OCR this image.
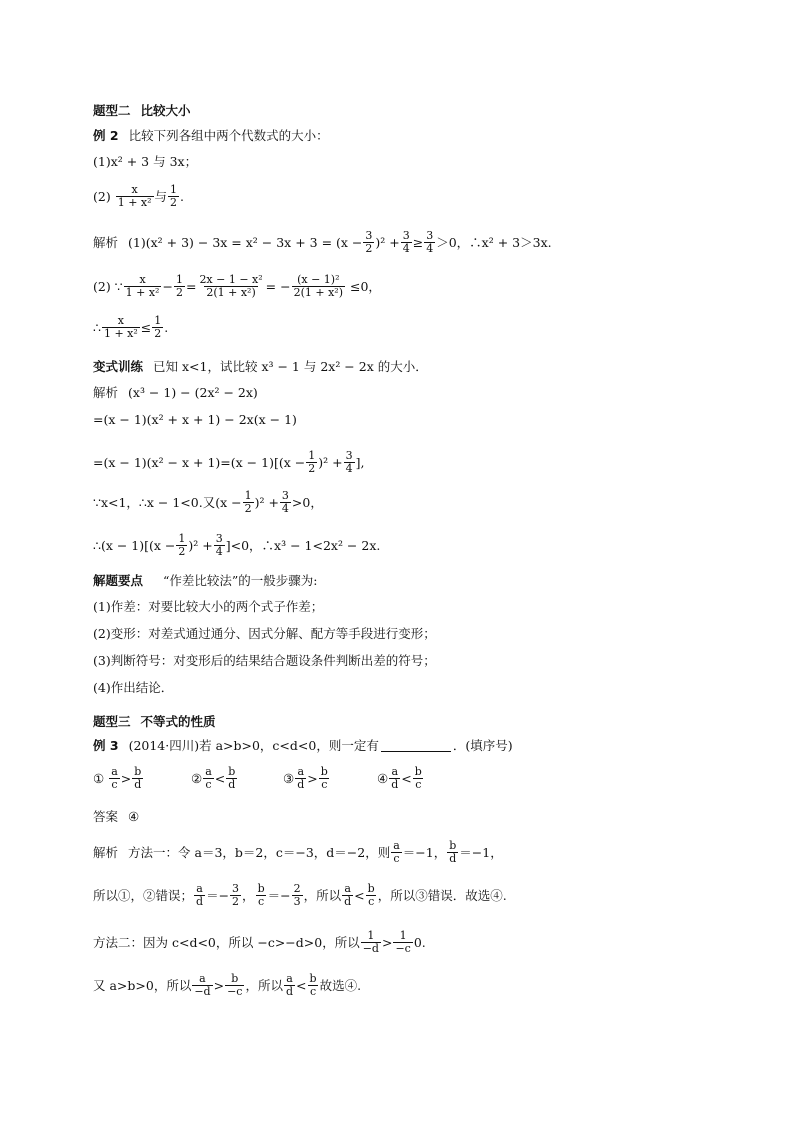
题型二 比较大小
例 2 比较下列各组中两个代数式的大小：
(1)x² + 3 与 3x；
(2)
$\frac{x}{\text{1 + x²}}$ 与 $\frac{1}{2}$ .
解析 $(1)(x^2 + 3) - 3x = x^2 - 3x + 3 = (x - \frac{3}{2} )^2 + \frac{3}{4} \ge \frac{3}{4} >0$，∴x² + 3＞3x.
(2) ∵ $\frac{x}{\text{1 + x²}} - \frac{1}{2} = \frac{\text{2x − 1 − x²}}{\text{2(1 + x²)}}$ = − $\frac{\text{(x − 1)²}}{\text{2(1 + x²)}}$
≤0，
∴ $\frac{x}{\text{1 + x²}} \le \frac{1}{2}$ .
变式训练 已知 x<1，试比较 x³ − 1 与 2x² − 2x 的大小．
解析 (x³ − 1) − (2x² − 2x)
=(x − 1)(x² + x + 1) − 2x(x − 1)
$=(x - 1)(x^2 - x + 1)=(x - 1)[(x - \frac{1}{2} )^2 + \frac{3}{4}$ ],
∵x<1，∴x − 1<0.又$(x - \frac{1}{2} )^2 + \frac{3}{4} >0$，
∴(x − $1)[(x - \frac{1}{2} )^2 + \frac{3}{4} ]<0$，∴x³ − 1<2x² − 2x.
解题要点 “作差比较法”的一般步骤为:
(1)作差：对要比较大小的两个式子作差；
(2)变形：对差式通过通分、因式分解、配方等手段进行变形；
(3)判断符号：对变形后的结果结合题设条件判断出差的符号；
(4)作出结论．
题型三 不等式的性质
例 3 (2014·四川)若 a>b>0，c<d<0，则一定有	．(填序号)
①
$\frac{a}{c} > \frac{b}{d}$	② $\frac{a}{c} < \frac{b}{d}$	③ $\frac{a}{d} > \frac{b}{c}$	④ $\frac{a}{d} < \frac{b}{c}$
答案 ④
解析 方法一：令 a＝3，b＝2，c＝−3，d＝−2，则 $\frac{a}{c} =-1$， $\frac{b}{d} =-1$，
所以①，②错误； $\frac{a}{d} =- \frac{3}{2}$ ， $\frac{b}{c} =- \frac{2}{3}$ ，所以 $\frac{a}{d} < \frac{b}{c}$ ，所以③错误．故选④.
方法二：因为 c<d<0，所以 −c>−d>0，所以 $\frac{1}{-d} > \frac{1}{-c} 0$.
又 a>b>0，所以 $\frac{a}{-d} > \frac{b}{-c}$ ，所以 $\frac{a}{d} < \frac{b}{c}$ 故选④.
